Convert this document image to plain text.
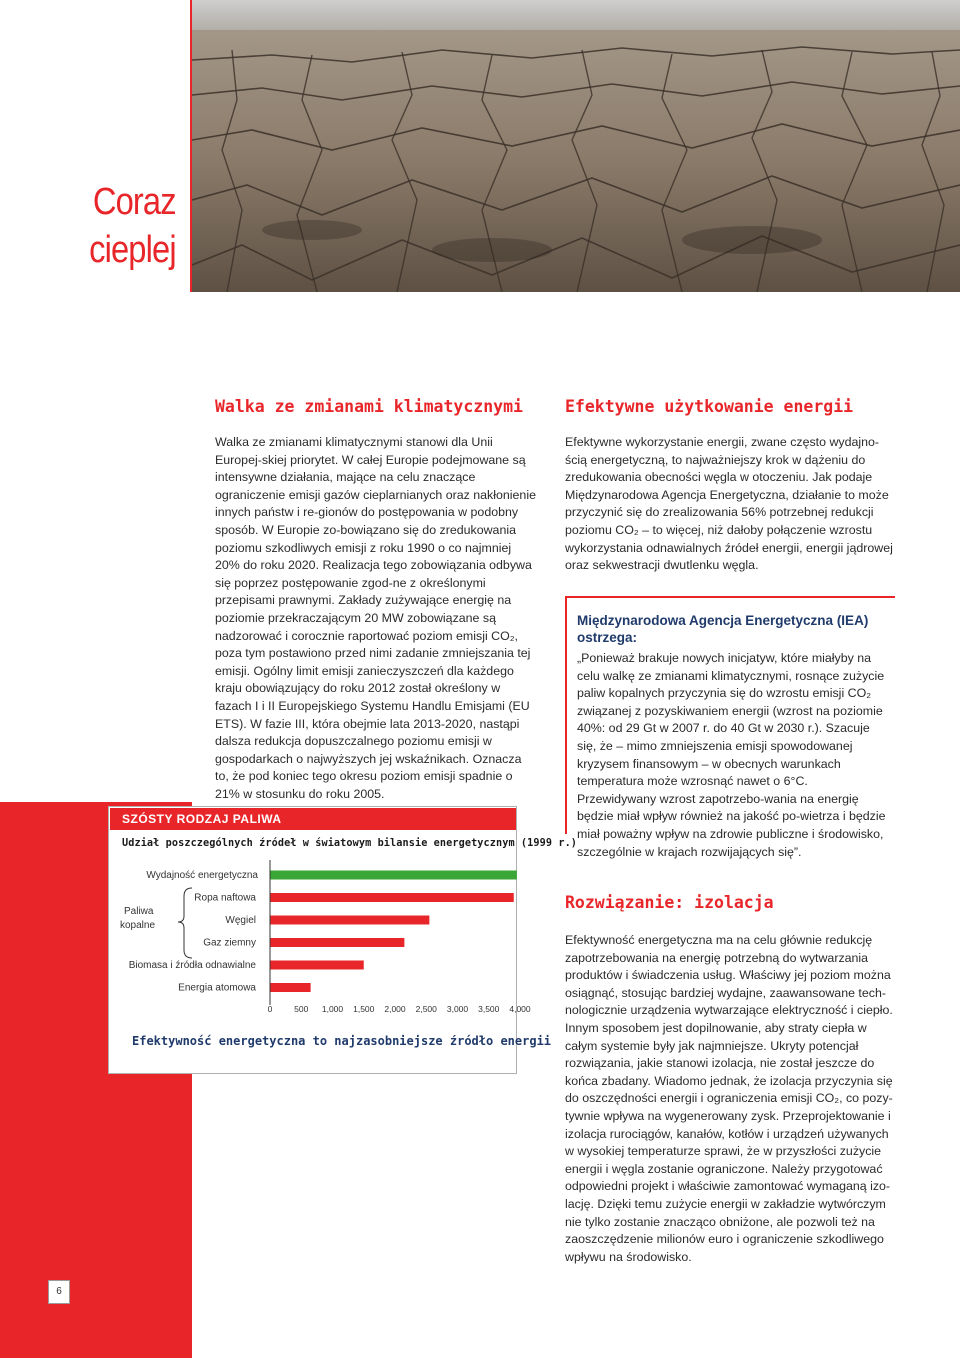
Coraz
cieplej
Walka ze zmianami klimatycznymi

Walka ze zmianami klimatycznymi stanowi dla Unii Europej-skiej priorytet. W całej Europie podejmowane są intensywne działania, mające na celu znaczące ograniczenie emisji gazów cieplarnianych oraz nakłonienie innych państw i re-gionów do postępowania w podobny sposób. W Europie zo-bowiązano się do zredukowania poziomu szkodliwych emisji z roku 1990 o co najmniej 20% do roku 2020. Realizacja tego zobowiązania odbywa się poprzez postępowanie zgod-ne z określonymi przepisami prawnymi. Zakłady zużywające energię na poziomie przekraczającym 20 MW zobowiązane są nadzorować i corocznie raportować poziom emisji CO₂, poza tym postawiono przed nimi zadanie zmniejszania tej emisji. Ogólny limit emisji zanieczyszczeń dla każdego kraju obowiązujący do roku 2012 został określony w fazach I i II Europejskiego Systemu Handlu Emisjami (EU ETS). W fazie III, która obejmie lata 2013-2020, nastąpi dalsza redukcja dopuszczalnego poziomu emisji w gospodarkach o najwyższych jej wskaźnikach. Oznacza to, że pod koniec tego okresu poziom emisji spadnie o 21% w stosunku do roku 2005.

Efektywne użytkowanie energii

Efektywne wykorzystanie energii, zwane często wydajno-ścią energetyczną, to najważniejszy krok w dążeniu do zredukowania obecności węgla w otoczeniu. Jak podaje Międzynarodowa Agencja Energetyczna, działanie to może przyczynić się do zrealizowania 56% potrzebnej redukcji poziomu CO₂ – to więcej, niż dałoby połączenie wzrostu wykorzystania odnawialnych źródeł energii, energii jądrowej oraz sekwestracji dwutlenku węgla.

Międzynarodowa Agencja Energetyczna (IEA)
ostrzega:
„Ponieważ brakuje nowych inicjatyw, które miałyby na celu walkę ze zmianami klimatycznymi, rosnące zużycie paliw kopalnych przyczynia się do wzrostu emisji CO₂ związanej z pozyskiwaniem energii (wzrost na poziomie 40%: od 29 Gt w 2007 r. do 40 Gt w 2030 r.). Szacuje się, że – mimo zmniejszenia emisji spowodowanej kryzysem finansowym – w obecnych warunkach temperatura może wzrosnąć nawet o 6°C. Przewidywany wzrost zapotrzebo-wania na energię będzie miał wpływ również na jakość po-wietrza i będzie miał poważny wpływ na zdrowie publiczne i środowisko, szczególnie w krajach rozwijających się”.
Rozwiązanie: izolacja

Efektywność energetyczna ma na celu głównie redukcję zapotrzebowania na energię potrzebną do wytwarzania produktów i świadczenia usług. Właściwy jej poziom można osiągnąć, stosując bardziej wydajne, zaawansowane tech-nologicznie urządzenia wytwarzające elektryczność i ciepło. Innym sposobem jest dopilnowanie, aby straty ciepła w całym systemie były jak najmniejsze. Ukryty potencjał rozwiązania, jakie stanowi izolacja, nie został jeszcze do końca zbadany. Wiadomo jednak, że izolacja przyczynia się do oszczędności energii i ograniczenia emisji CO₂, co pozy-tywnie wpływa na wygenerowany zysk. Przeprojektowanie i izolacja rurociągów, kanałów, kotłów i urządzeń używanych w wysokiej temperaturze sprawi, że w przyszłości zużycie energii i węgla zostanie ograniczone. Należy przygotować odpowiedni projekt i właściwie zamontować wymaganą izo-lację. Dzięki temu zużycie energii w zakładzie wytwórczym nie tylko zostanie znacząco obniżone, ale pozwoli też na zaoszczędzenie milionów euro i ograniczenie szkodliwego wpływu na środowisko.

SZÓSTY RODZAJ PALIWA
Udział poszczególnych źródeł w światowym bilansie energetycznym (1999 r.)
Wydajność energetyczna
Ropa naftowa
Węgiel
Gaz ziemny
Biomasa i źródła odnawialne
Energia atomowa
0	500 1,000 1,500 2,000 2,500 3,000 3,500 4,000
Paliwa
kopalne
Efektywność energetyczna to najzasobniejsze źródło energii
6
